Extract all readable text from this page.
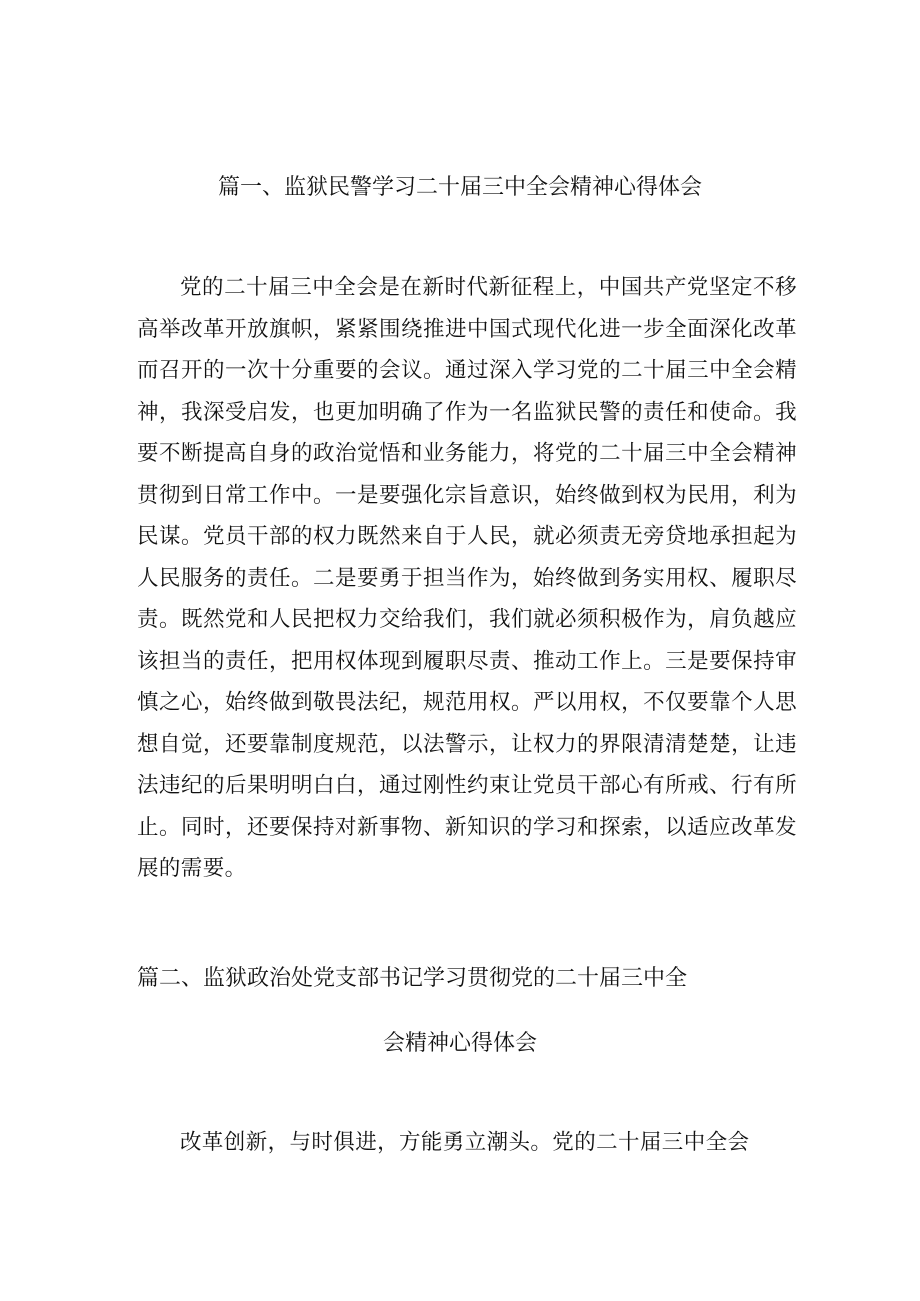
篇一、监狱民警学习二十届三中全会精神心得体会

党的二十届三中全会是在新时代新征程上，中国共产党坚定不移高举改革开放旗帜，紧紧围绕推进中国式现代化进一步全面深化改革而召开的一次十分重要的会议。通过深入学习党的二十届三中全会精神，我深受启发，也更加明确了作为一名监狱民警的责任和使命。我要不断提高自身的政治觉悟和业务能力，将党的二十届三中全会精神贯彻到日常工作中。一是要强化宗旨意识，始终做到权为民用，利为民谋。党员干部的权力既然来自于人民，就必须责无旁贷地承担起为人民服务的责任。二是要勇于担当作为，始终做到务实用权、履职尽责。既然党和人民把权力交给我们，我们就必须积极作为，肩负越应该担当的责任，把用权体现到履职尽责、推动工作上。三是要保持审慎之心，始终做到敬畏法纪，规范用权。严以用权，不仅要靠个人思想自觉，还要靠制度规范，以法警示，让权力的界限清清楚楚，让违法违纪的后果明明白白，通过刚性约束让党员干部心有所戒、行有所止。同时，还要保持对新事物、新知识的学习和探索，以适应改革发展的需要。

篇二、监狱政治处党支部书记学习贯彻党的二十届三中全
会精神心得体会

改革创新，与时俱进，方能勇立潮头。党的二十届三中全会
